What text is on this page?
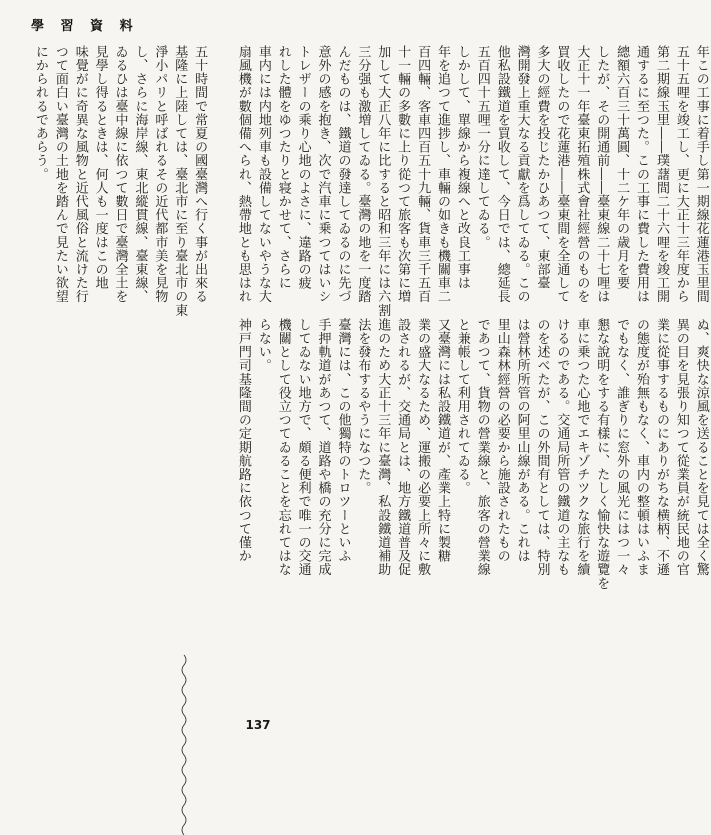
學 習 資 料
年この工事に着手し第一期線花蓮港玉里間
五十五哩を竣工し、更に大正十三年度から
第二期線玉里――璞藷間二十六哩を竣工開
通するに至つた。この工事に費した費用は
總額六百三十萬圓、十二ケ年の歳月を要
したが、その開通前――臺東線二十七哩は
大正十一年臺東拓殖株式會社經營のものを
買收したので花蓮港――臺東間を全通して
多大の經費を投じたかひあつて、東部臺
灣開發上重大なる貢獻を爲してゐる。この
他私設鐵道を買收して、今日では、總延長
五百四十五哩一分に達してゐる。
しかして、單線から複線へと改良工事は
年を追つて進捗し、車輛の如きも機關車二
百四輛、客車四百五十九輛、貨車三千五百
十一輛の多數に上り從つて旅客も次第に増
加して大正八年に比すると昭和三年には六割
三分强も激増してゐる。臺灣の地を一度踏
んだものは、鐵道の發達してゐるのに先づ
意外の感を抱き、次で汽車に乗つてはいシ
トレザーの乘り心地のよさに、違路の疲
れした體をゆつたりと寝かせて、さらに
車内には内地列車も設備してないやうな大
扇風機が數個備へられ、熱帶地とも思はれ
ぬ、爽快な涼風を送ることを見ては全く驚
異の目を見張り知つて從業員が統民地の官
業に從事するものにありがちな横柄、不遜
の態度が殆無もなく、車内の整頓はいふま
でもなく、誰ぎりに窓外の風光にはつ一々
懇な說明をする有樣に、たしく愉快な遊覽を
車に乗つた心地でエキゾチツクな旅行を續
けるのである。交通局所管の鐵道の主なも
のを述べたが、この外間有としては、特別
は營林所所管の阿里山線がある。これは
里山森林經營の必要から施設されたもの
であつて、貨物の營業線と、旅客の營業線
と兼帳して利用されてゐる。
又臺灣には私設鐵道が、產業上特に製糖
業の盛大なるため、運搬の必要上所々に敷
設されるが、交通局とは、地方鐵道普及促
進のため大正十三年に臺灣、私設鐵道補助
法を發布するやうになつた。
臺灣には、この他獨特のトロツーといふ
手押軌道があつて、道路や橋の充分に完成
してゐない地方で、頗る便利で唯一の交通
機關として役立つてゐることを忘れてはな
らない。
神戸門司基隆間の定期航路に依つて僅か
五十時間で常夏の國臺灣へ行く事が出來る
基隆に上陸しては、臺北市に至り臺北市の東
淨小パリと呼ばれるその近代都市美を見物
し、さらに海岸線、東北縱貫線、臺東線、
ゐるひは臺中線に依つて數日で臺灣全土を
見學し得るときは、何人も一度はこの地
味覺がに奇異な風物と近代風俗と流けた行
つて面白い臺灣の土地を踏んで見たい欲望
にかられるであらう。
137
